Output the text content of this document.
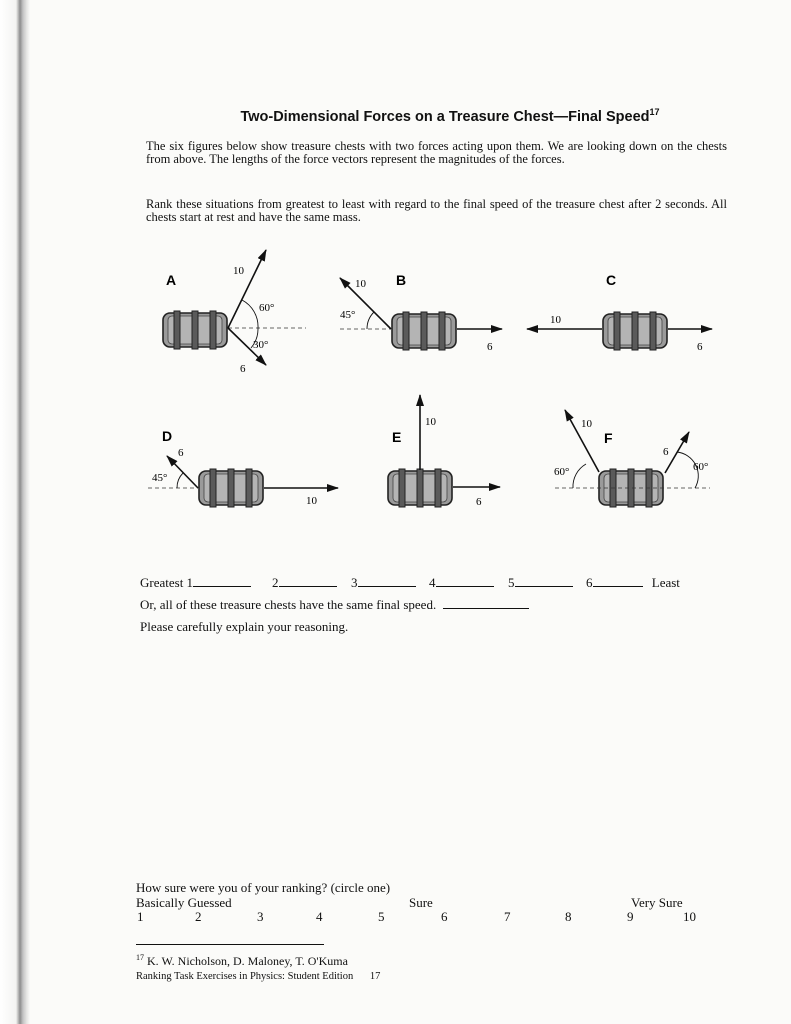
Two-Dimensional Forces on a Treasure Chest—Final Speed$^{17}$
The six figures below show treasure chests with two forces acting upon them. We are looking down on the chests from above. The lengths of the force vectors represent the magnitudes of the forces.
Rank these situations from greatest to least with regard to the final speed of the treasure chest after 2 seconds. All chests start at rest and have the same mass.
A
10
60°
30°
6
B
10
45°
6
C
10
6
D
6
45°
10
E
10
6
F
10
60°
6
60°
Greatest 1	2	3	4	5	6	Least
Or, all of these treasure chests have the same final speed.
Please carefully explain your reasoning.
How sure were you of your ranking? (circle one)
Basically Guessed	Sure	Very Sure
1	2	3	4	5	6	7	8	9	10
$^{17}$ K. W. Nicholson, D. Maloney, T. O'Kuma
Ranking Task Exercises in Physics: Student Edition 17
